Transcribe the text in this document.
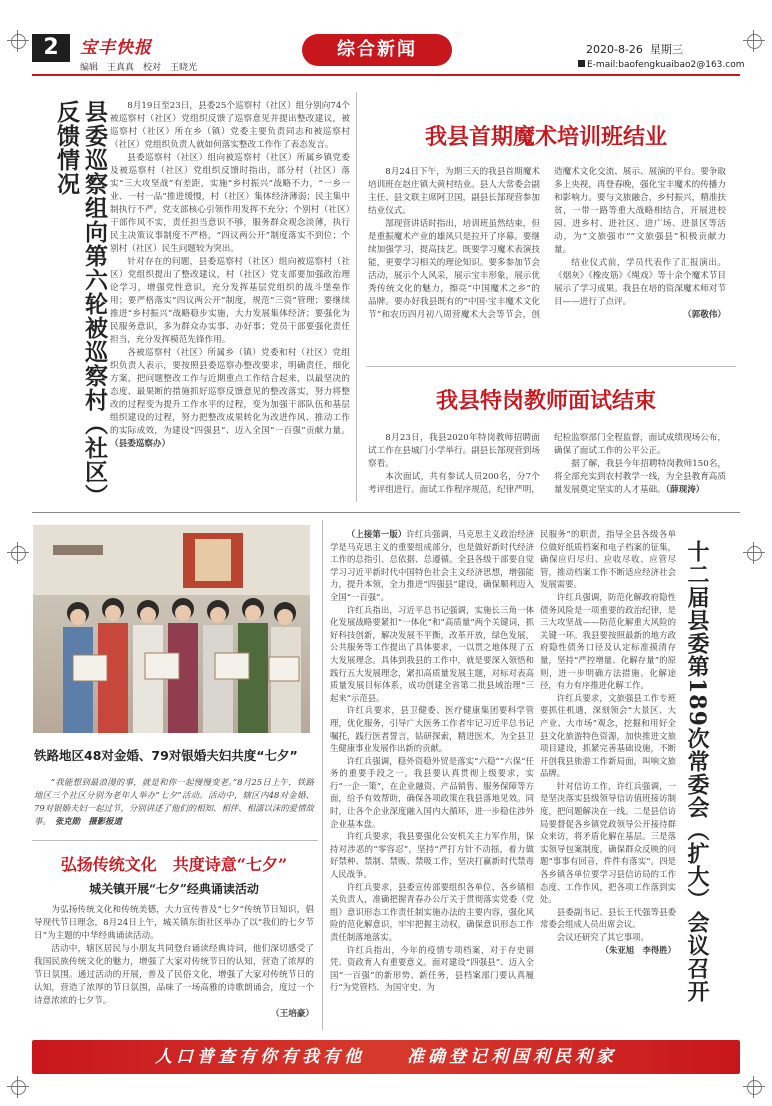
2	宝丰快报
编辑　王真真　校对　王晓光
综合新闻	2020-8-26 星期三
E-mail:baofengkuaibao2@163.com
县委巡察组向第六轮被巡察村（社区）反馈情况	8月19日至23日，县委25个巡察村（社区）组分别向74个被巡察村（社区）党组织反馈了巡察意见并提出整改建议，被巡察村（社区）所在乡（镇）党委主要负责同志和被巡察村（社区）党组织负责人就如何落实整改工作作了表态发言。

县委巡察村（社区）组向被巡察村（社区）所属乡镇党委及被巡察村（社区）党组织反馈时指出，部分村（社区）落实“三大攻坚战”有差距，实施“乡村振兴”战略不力，“一乡一业、一村一品”推进缓慢，村（社区）集体经济薄弱；民主集中制执行不严，党支部核心引领作用发挥不充分；个别村（社区）干部作风不实，责任担当意识不够，服务群众观念淡薄，执行民主决策议事制度不严格，“四议两公开”制度落实不到位；个别村（社区）民生问题较为突出。

针对存在的问题，县委巡察村（社区）组向被巡察村（社区）党组织提出了整改建议，村（社区）党支部要加强政治理论学习，增强党性意识，充分发挥基层党组织的战斗堡垒作用；要严格落实“四议两公开”制度，规范“三资”管理；要继续推进“乡村振兴”战略稳步实施，大力发展集体经济；要强化为民服务意识，多为群众办实事、办好事；党员干部要强化责任担当，充分发挥模范先锋作用。

各被巡察村（社区）所属乡（镇）党委和村（社区）党组织负责人表示，要按照县委巡察办整改要求，明确责任，细化方案，把问题整改工作与近期重点工作结合起来，以最坚决的态度、最果断的措施抓好巡察反馈意见的整改落实，努力将整改的过程变为提升工作水平的过程，变为加强干部队伍和基层组织建设的过程，努力把整改成果转化为改进作风、推动工作的实际成效，为建设“四强县”、迈入全国“一百强”贡献力量。（县委巡察办）

我县首期魔术培训班结业

8月24日下午，为期三天的我县首期魔术培训班在赵庄镇大黄村结业。县人大常委会副主任、县文联主席阿卫国，副县长郜现营参加结业仪式。

郜现营讲话时指出，培训班虽然结束，但是重振魔术产业的雄风只是拉开了序幕。要继续加强学习，提高技艺。既要学习魔术表演技能，更要学习相关的理论知识。要多参加节会活动，展示个人风采，展示宝丰形象，展示优秀传统文化的魅力，擦亮“中国魔术之乡”的品牌。要办好我县既有的“中国·宝丰魔术文化节”和农历四月初八周营魔术大会等节会，创造魔术文化交流、展示、展演的平台。要争取多上央视，再登春晚，强化宝丰魔术的传播力和影响力。要与文旅融合，乡村振兴，精准扶贫，一带一路等重大战略相结合，开展进校园、进乡村、进社区、进广场、进景区等活动，为“文旅强市”“文旅强县”积极贡献力量。

结业仪式前，学员代表作了汇报演出。《烟灰》《橡皮筋》《绳戏》等十余个魔术节目展示了学习成果。我县在培的资深魔术师对节目——进行了点评。

（郭敬伟）

我县特岗教师面试结束

8月23日，我县2020年特岗教师招聘面试工作在县城门小学举行。副县长郜现营到场察看。

本次面试，共有参试人员200名，分7个考评组进行。面试工作程序规范，纪律严明，纪检监察部门全程监督，面试成绩现场公布，确保了面试工作的公平公正。

据了解，我县今年招聘特岗教师150名，将全部充实到农村教学一线，为全县教育高质量发展奠定坚实的人才基础。（薛现涛）

铁路地区48对金婚、79对银婚夫妇共度“七夕”

“我能想到最浪漫的事，就是和你一起慢慢变老。”8月25日上午，铁路地区三个社区分别为老年人举办“七夕”活动。活动中，辖区内48对金婚、79对银婚夫妇一起过节，分别讲述了他们的相知、相伴、相濡以沫的爱情故事。　 张克勋　摄影报道

弘扬传统文化　共度诗意“七夕”
城关镇开展“七夕”经典诵读活动

为弘扬传统文化和传统美德，大力宣传普及“七夕”传统节日知识，倡导现代节日理念，8月24日上午，城关镇东街社区举办了以“我们的七夕节日”为主题的中华经典诵读活动。

活动中，辖区居民与小朋友共同登台诵读经典诗词，他们深切感受了我国民族传统文化的魅力，增强了大家对传统节日的认知，营造了浓厚的节日氛围。通过活动的开展，普及了民俗文化，增强了大家对传统节日的认知，营造了浓厚的节日氛围，品味了一场高雅的诗歌朗诵会，度过一个诗意浓浓的七夕节。

（王培豪）

（上接第一版）许红兵强调，马克思主义政治经济学是马克思主义的重要组成部分，也是做好新时代经济工作的总指引、总依据、总遵循。全县各级干部要自觉学习习近平新时代中国特色社会主义经济思想，增强能力，提升本领，全力推进“四强县”建设，确保顺利迈入全国“一百强”。

许红兵指出，习近平总书记强调，实施长三角一体化发展战略要紧扣“一体化”和“高质量”两个关键词，抓好科技创新，解决发展不平衡，改革开放，绿色发展，公共服务等工作提出了具体要求，一以贯之地体现了五大发展理念。具体到我县的工作中，就是要深入领悟和践行五大发展理念，紧扣高质量发展主题，对标对表高质量发展目标体系，成功创建全省第二批县域治理“三起来”示范县。

许红兵要求，县卫健委、医疗健康集团要科学管理，优化服务，引导广大医务工作者牢记习近平总书记嘱托，践行医者誓言，钻研探索，精进医术，为全县卫生健康事业发展作出新的贡献。

许红兵强调，稳外资稳外贸是落实“六稳”“六保”任务的重要手段之一。我县要认真贯彻上级要求，实行“一企一策”，在企业融资、产品销售、服务保障等方面，给予有效帮助，确保各项政策在我县落地见效。同时，让各个企业深度融入国内大循环，进一步稳住涉外企业基本盘。

许红兵要求，我县要强化公安机关主力军作用，保持对涉恶的“零容忍”，坚持“严打方针不动摇，着力做好禁种、禁制、禁贩、禁吸工作，坚决打赢新时代禁毒人民战争。

许红兵要求，县委宣传部要组织各单位、各乡镇相关负责人，准确把握青春办公厅关于贯彻落实党委（党组）意识形态工作责任制实施办法的主要内容，强化风险的范化解意识，牢牢把握主动权，确保意识形态工作责任制落地落实。

许红兵指出，今年的疫情专项档案，对于存史留凭、资政育人有重要意义。面对建设“四强县”、迈入全国“一百强”的新形势、新任务，县档案部门要认真履行“为党管档、为国守史、为

民服务”的职责，指导全县各级各单位做好纸质档案和电子档案的征集，确保应归尽归、应收尽收、应管尽管，推动档案工作不断适应经济社会发展需要。

许红兵强调，防范化解政府隐性债务风险是一项重要的政治纪律，是三大攻坚战——防范化解重大风险的关键一环。我县要按照最新的地方政府隐性债务口径及认定标准摸清存量，坚持“严控增量、化解存量”的原则，进一步明确方法措施、化解途径，有力有序推进化解工作。

许红兵要求，文旅强县工作专班要抓住机遇，深刻领会“大景区、大产业、大市场”观念，挖掘和用好全县文化旅游特色资源，加快推进文旅项目建设，抓紧完善基础设施，不断开创我县旅游工作新局面，叫响文旅品牌。

针对信访工作，许红兵强调，一是坚决落实县级领导信访值班接访制度，把问题解决在一线。二是县信访局要督促各乡镇党政领导公开接待群众来访，将矛盾化解在基层。三是落实领导包案制度，确保群众反映的问题“事事有回音，件件有落实”。四是各乡镇各单位要学习县信访局的工作态度、工作作风，把各项工作落到实处。

县委副书记、县长王代强等县委常委会组成人员出席会议。

会议还研究了其它事项。

（朱亚旭　李得胜） 十二届县委第189次常委会（扩大）会议召开
人口普查有你有我有他　　准确登记利国利民利家
